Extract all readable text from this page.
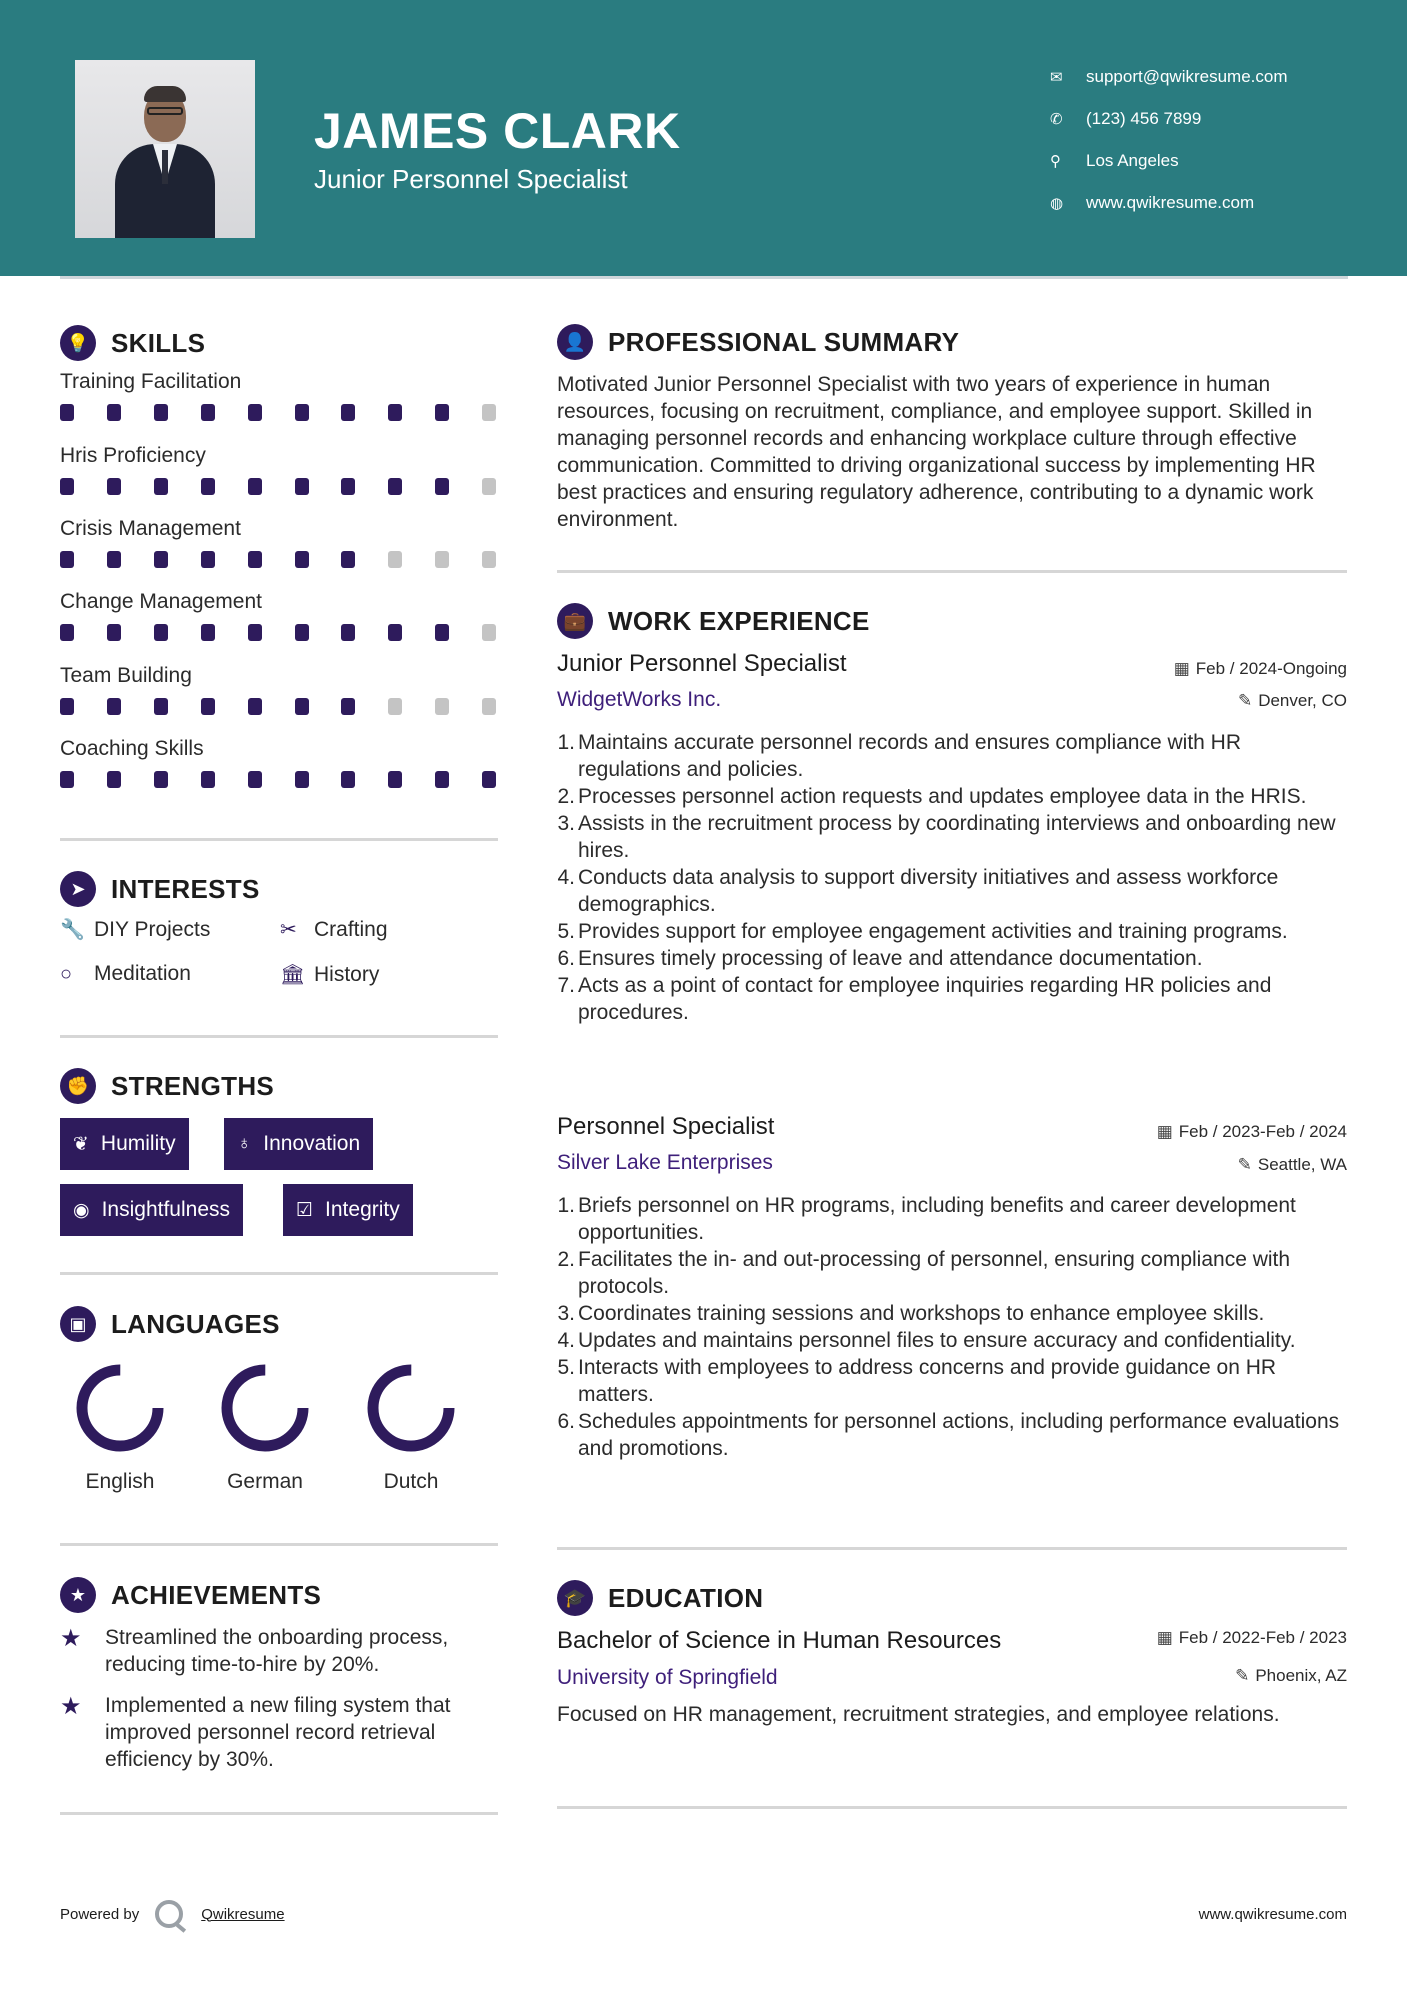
JAMES CLARK
Junior Personnel Specialist
✉	support@qwikresume.com
✆	(123) 456 7899
⚲	Los Angeles
◍	www.qwikresume.com
💡 SKILLS
Training Facilitation
Hris Proficiency
Crisis Management
Change Management
Team Building
Coaching Skills
➤ INTERESTS
🔧 DIY Projects	✂ Crafting
○	Meditation	🏛 History
✊ STRENGTHS
❦ Humility	♁ Innovation
◉ Insightfulness	☑ Integrity
▣ LANGUAGES
English	German	Dutch
★ ACHIEVEMENTS
★	Streamlined the onboarding process, reducing time-to-hire by 20%.
★	Implemented a new filing system that improved personnel record retrieval efficiency by 30%.
👤 PROFESSIONAL SUMMARY
Motivated Junior Personnel Specialist with two years of experience in human resources, focusing on recruitment, compliance, and employee support. Skilled in managing personnel records and enhancing workplace culture through effective communication. Committed to driving organizational success by implementing HR best practices and ensuring regulatory adherence, contributing to a dynamic work environment.
💼 WORK EXPERIENCE
Junior Personnel Specialist	▦ Feb / 2024-Ongoing
WidgetWorks Inc.	✎ Denver, CO
1 . Maintains accurate personnel records and ensures compliance with HR regulations and policies.
2 . Processes personnel action requests and updates employee data in the HRIS.
3 . Assists in the recruitment process by coordinating interviews and onboarding new hires.
4 . Conducts data analysis to support diversity initiatives and assess workforce demographics.
5 . Provides support for employee engagement activities and training programs.
6 . Ensures timely processing of leave and attendance documentation.
7 . Acts as a point of contact for employee inquiries regarding HR policies and procedures.
Personnel Specialist	▦ Feb / 2023-Feb / 2024
Silver Lake Enterprises	✎ Seattle, WA
1 . Briefs personnel on HR programs, including benefits and career development opportunities.
2 . Facilitates the in- and out-processing of personnel, ensuring compliance with protocols.
3 . Coordinates training sessions and workshops to enhance employee skills.
4 . Updates and maintains personnel files to ensure accuracy and confidentiality.
5 . Interacts with employees to address concerns and provide guidance on HR matters.
6 . Schedules appointments for personnel actions, including performance evaluations and promotions.
🎓 EDUCATION
Bachelor of Science in Human Resources	▦ Feb / 2022-Feb / 2023
University of Springfield	✎ Phoenix, AZ
Focused on HR management, recruitment strategies, and employee relations.
Powered by	Qwikresume	www.qwikresume.com
